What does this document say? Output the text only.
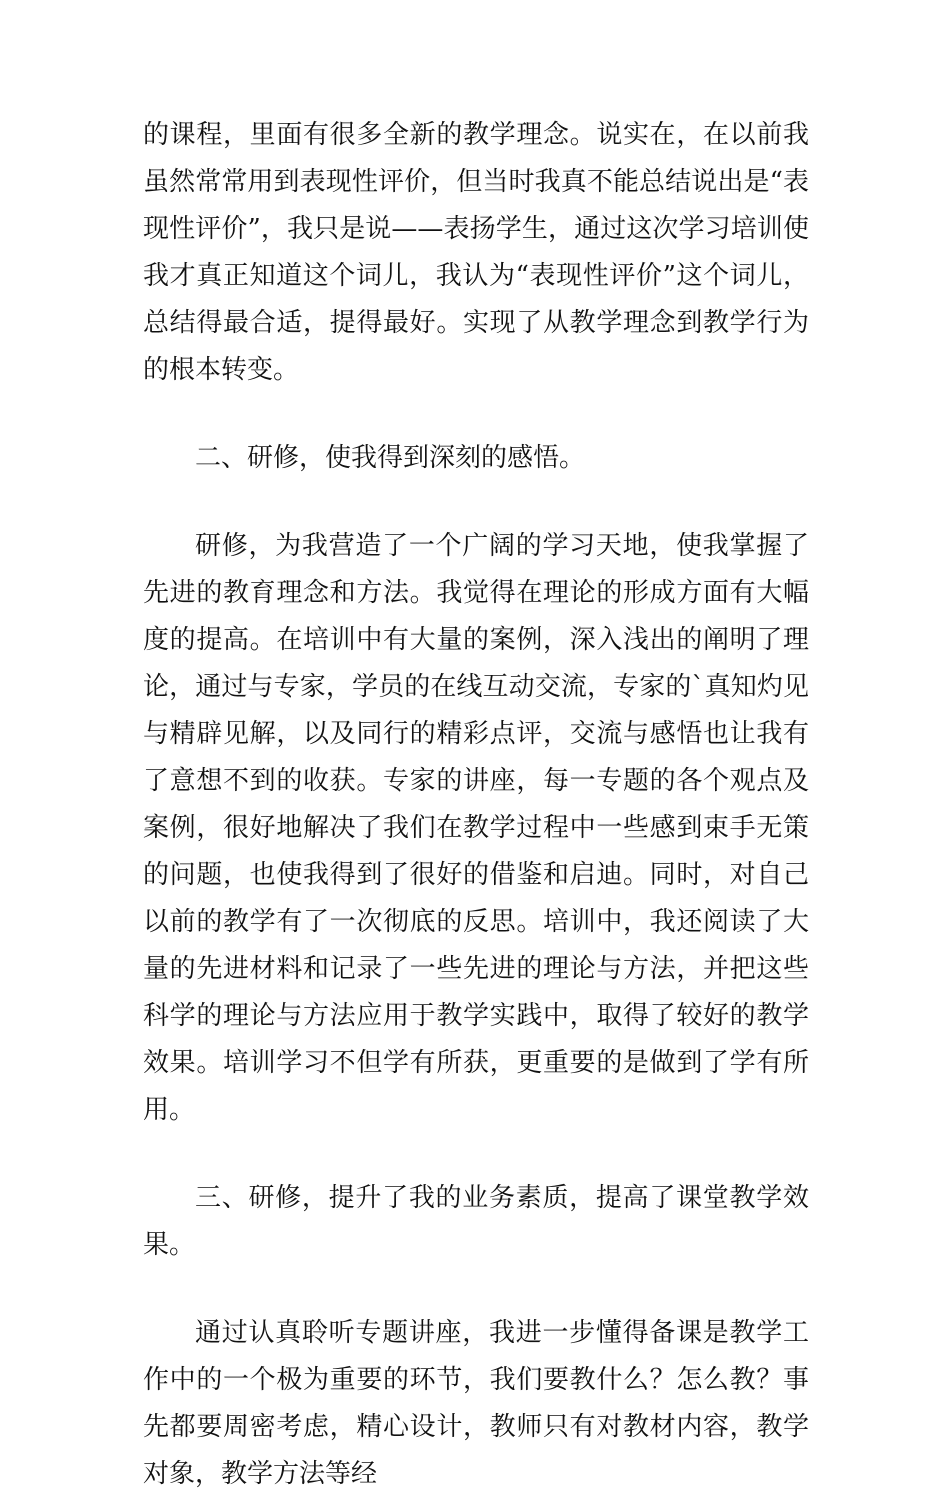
的课程，里面有很多全新的教学理念。说实在，在以前我虽然常常用到表现性评价，但当时我真不能总结说出是“表现性评价”，我只是说——表扬学生，通过这次学习培训使我才真正知道这个词儿，我认为“表现性评价”这个词儿，总结得最合适，提得最好。实现了从教学理念到教学行为的根本转变。

二、研修，使我得到深刻的感悟。

研修，为我营造了一个广阔的学习天地，使我掌握了先进的教育理念和方法。我觉得在理论的形成方面有大幅度的提高。在培训中有大量的案例，深入浅出的阐明了理论，通过与专家，学员的在线互动交流，专家的`真知灼见与精辟见解，以及同行的精彩点评，交流与感悟也让我有了意想不到的收获。专家的讲座，每一专题的各个观点及案例，很好地解决了我们在教学过程中一些感到束手无策的问题，也使我得到了很好的借鉴和启迪。同时，对自己以前的教学有了一次彻底的反思。培训中，我还阅读了大量的先进材料和记录了一些先进的理论与方法，并把这些科学的理论与方法应用于教学实践中，取得了较好的教学效果。培训学习不但学有所获，更重要的是做到了学有所用。

三、研修，提升了我的业务素质，提高了课堂教学效果。

通过认真聆听专题讲座，我进一步懂得备课是教学工作中的一个极为重要的环节，我们要教什么？怎么教？事先都要周密考虑，精心设计，教师只有对教材内容，教学对象，教学方法等经
